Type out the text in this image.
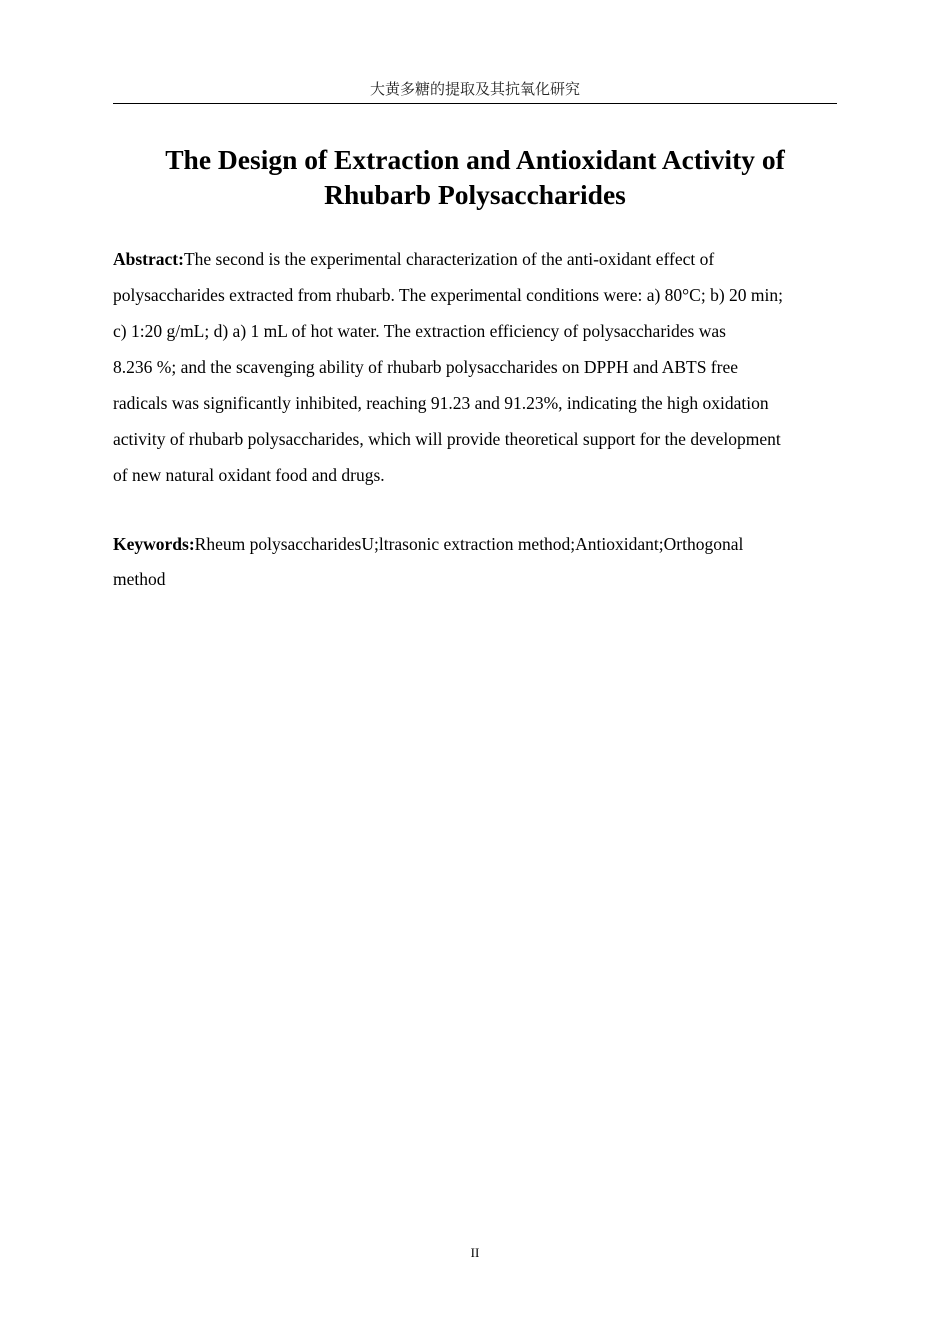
大黄多糖的提取及其抗氧化研究
The Design of Extraction and Antioxidant Activity of
Rhubarb Polysaccharides

Abstract:The second is the experimental characterization of the anti-oxidant effect of
polysaccharides extracted from rhubarb. The experimental conditions were: a) 80°C; b) 20 min;
c) 1:20 g/mL; d) a) 1 mL of hot water. The extraction efficiency of polysaccharides was
8.236 %; and the scavenging ability of rhubarb polysaccharides on DPPH and ABTS free
radicals was significantly inhibited, reaching 91.23 and 91.23%, indicating the high oxidation
activity of rhubarb polysaccharides, which will provide theoretical support for the development
of new natural oxidant food and drugs.

Keywords:Rheum polysaccharidesU;ltrasonic extraction method;Antioxidant;Orthogonal
method

II
